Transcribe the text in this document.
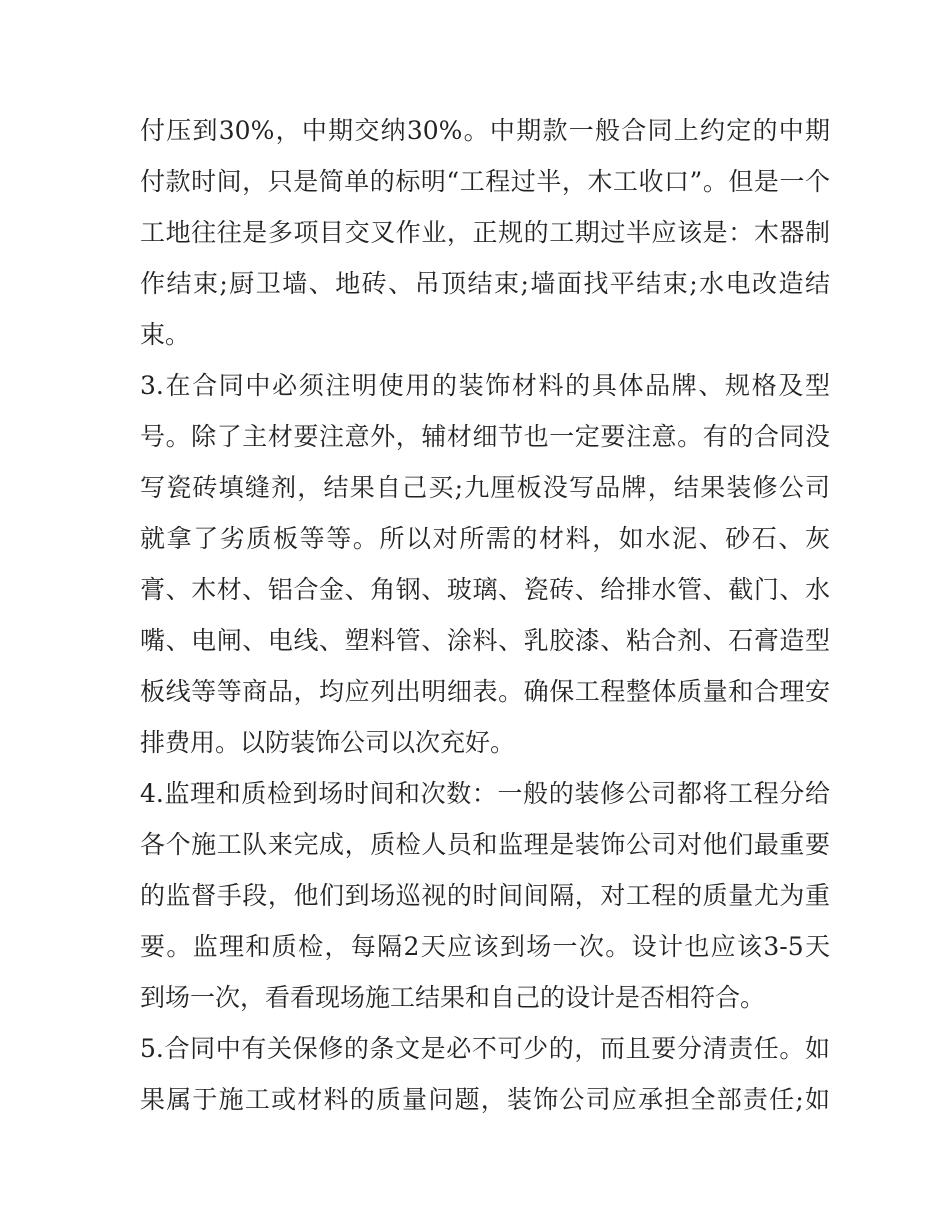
付压到30%，中期交纳30%。中期款一般合同上约定的中期
付款时间，只是简单的标明“工程过半，木工收口”。但是一个
工地往往是多项目交叉作业，正规的工期过半应该是：木器制
作结束;厨卫墙、地砖、吊顶结束;墙面找平结束;水电改造结
束。
3.在合同中必须注明使用的装饰材料的具体品牌、规格及型
号。除了主材要注意外，辅材细节也一定要注意。有的合同没
写瓷砖填缝剂，结果自己买;九厘板没写品牌，结果装修公司
就拿了劣质板等等。所以对所需的材料，如水泥、砂石、灰
膏、木材、铝合金、角钢、玻璃、瓷砖、给排水管、截门、水
嘴、电闸、电线、塑料管、涂料、乳胶漆、粘合剂、石膏造型
板线等等商品，均应列出明细表。确保工程整体质量和合理安
排费用。以防装饰公司以次充好。
4.监理和质检到场时间和次数：一般的装修公司都将工程分给
各个施工队来完成，质检人员和监理是装饰公司对他们最重要
的监督手段，他们到场巡视的时间间隔，对工程的质量尤为重
要。监理和质检，每隔2天应该到场一次。设计也应该3-5天
到场一次，看看现场施工结果和自己的设计是否相符合。
5.合同中有关保修的条文是必不可少的，而且要分清责任。如
果属于施工或材料的质量问题，装饰公司应承担全部责任;如
